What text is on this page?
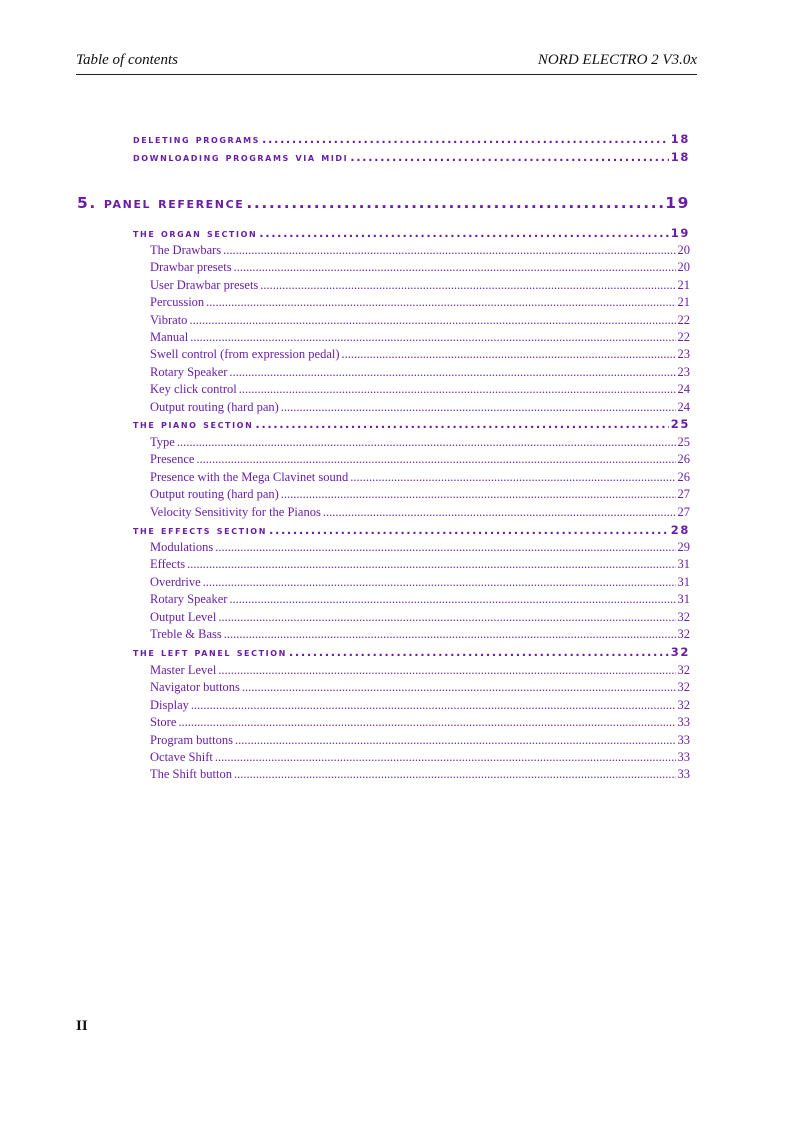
Table of contents	NORD ELECTRO 2 V3.0x
deleting programs .....	18
downloading programs via midi .....	18
5. panel reference .....	19
the organ section .....	19
The Drawbars .....	20
Drawbar presets .....	20
User Drawbar presets .....	21
Percussion .....	21
Vibrato .....	22
Manual .....	22
Swell control (from expression pedal) .....	23
Rotary Speaker .....	23
Key click control .....	24
Output routing (hard pan) .....	24
the piano section .....	25
Type .....	25
Presence .....	26
Presence with the Mega Clavinet sound .....	26
Output routing (hard pan) .....	27
Velocity Sensitivity for the Pianos .....	27
the effects section .....	28
Modulations .....	29
Effects .....	31
Overdrive .....	31
Rotary Speaker .....	31
Output Level .....	32
Treble & Bass .....	32
the left panel section .....	32
Master Level .....	32
Navigator buttons .....	32
Display .....	32
Store .....	33
Program buttons .....	33
Octave Shift .....	33
The Shift button .....	33
II
